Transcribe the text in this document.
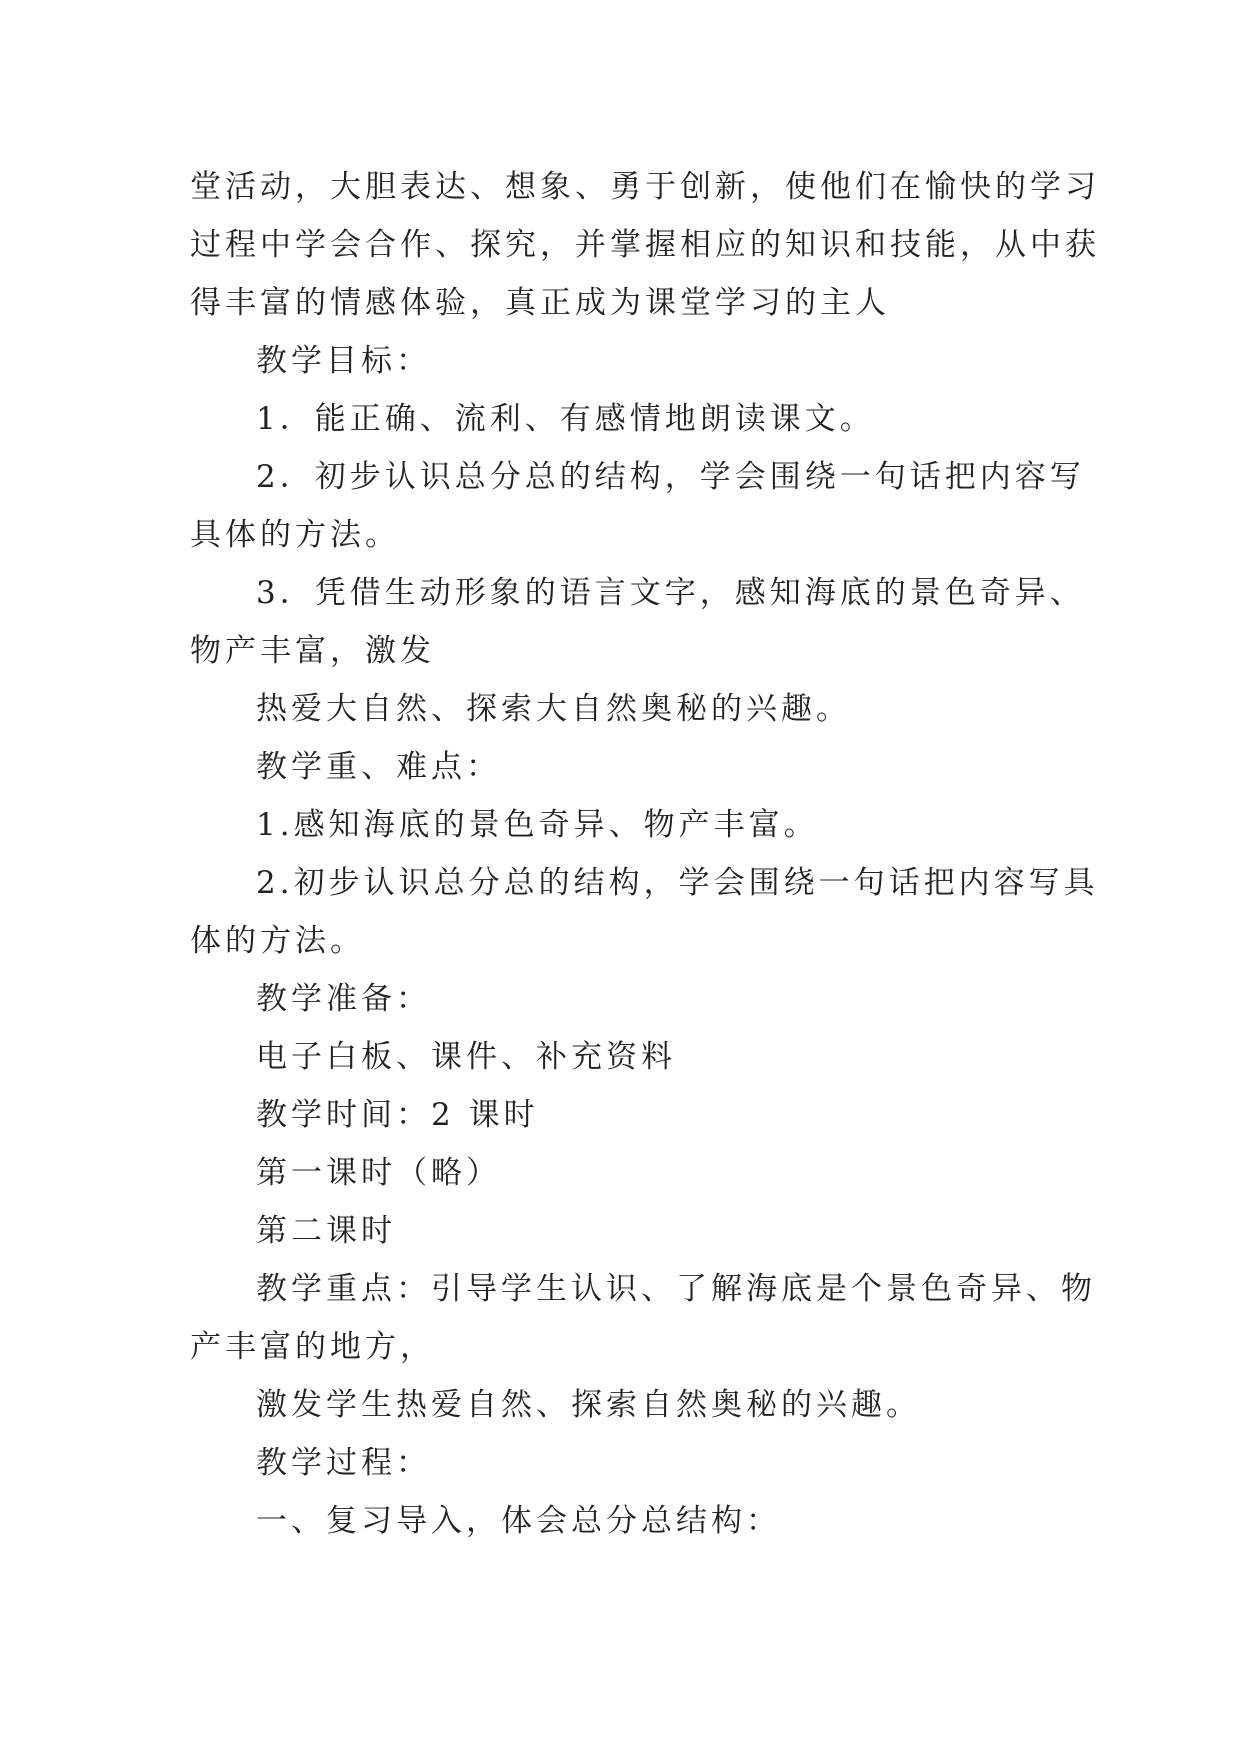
堂活动，大胆表达、想象、勇于创新，使他们在愉快的学习

过程中学会合作、探究，并掌握相应的知识和技能，从中获

得丰富的情感体验，真正成为课堂学习的主人

教学目标：

1．能正确、流利、有感情地朗读课文。

2．初步认识总分总的结构，学会围绕一句话把内容写

具体的方法。

3．凭借生动形象的语言文字，感知海底的景色奇异、

物产丰富，激发

热爱大自然、探索大自然奥秘的兴趣。

教学重、难点：

1.感知海底的景色奇异、物产丰富。

2.初步认识总分总的结构，学会围绕一句话把内容写具

体的方法。

教学准备：

电子白板、课件、补充资料

教学时间：2 课时

第一课时（略）

第二课时

教学重点：引导学生认识、了解海底是个景色奇异、物

产丰富的地方，

激发学生热爱自然、探索自然奥秘的兴趣。

教学过程：

一、复习导入，体会总分总结构：
